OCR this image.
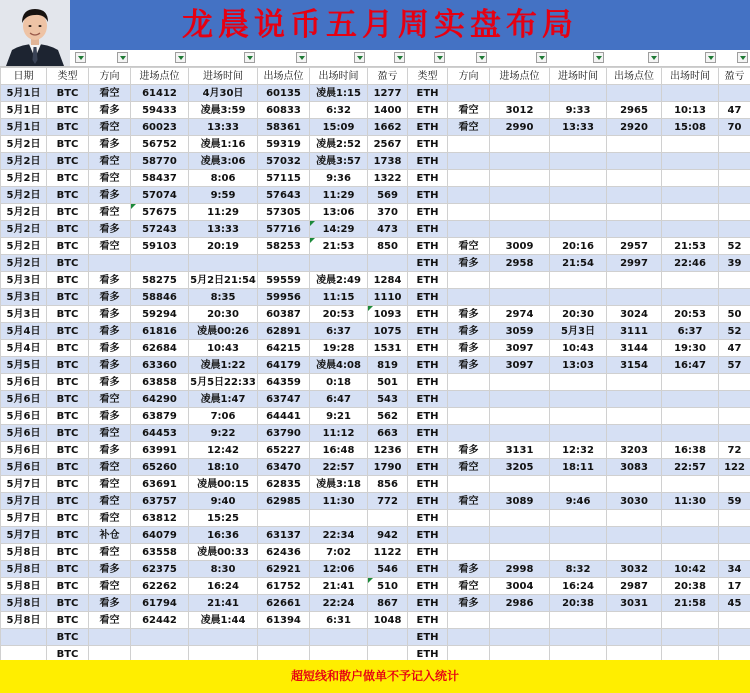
龙晨说币五月周实盘布局
日期	类型	方向	进场点位	进场时间	出场点位	出场时间	盈亏	类型	方向	进场点位	进场时间	出场点位	出场时间	盈亏
5月1日	BTC	看空	61412	4月30日	60135	凌晨1:15	1277	ETH						
5月1日	BTC	看多	59433	凌晨3:59	60833	6:32	1400	ETH	看空	3012	9:33	2965	10:13	47
5月1日	BTC	看空	60023	13:33	58361	15:09	1662	ETH	看空	2990	13:33	2920	15:08	70
5月2日	BTC	看多	56752	凌晨1:16	59319	凌晨2:52	2567	ETH						
5月2日	BTC	看空	58770	凌晨3:06	57032	凌晨3:57	1738	ETH						
5月2日	BTC	看空	58437	8:06	57115	9:36	1322	ETH						
5月2日	BTC	看多	57074	9:59	57643	11:29	569	ETH						
5月2日	BTC	看空	57675	11:29	57305	13:06	370	ETH						
5月2日	BTC	看多	57243	13:33	57716	14:29	473	ETH						
5月2日	BTC	看空	59103	20:19	58253	21:53	850	ETH	看空	3009	20:16	2957	21:53	52
5月2日	BTC							ETH	看多	2958	21:54	2997	22:46	39
5月3日	BTC	看多	58275	5月2日21:54	59559	凌晨2:49	1284	ETH						
5月3日	BTC	看多	58846	8:35	59956	11:15	1110	ETH						
5月3日	BTC	看多	59294	20:30	60387	20:53	1093	ETH	看多	2974	20:30	3024	20:53	50
5月4日	BTC	看多	61816	凌晨00:26	62891	6:37	1075	ETH	看多	3059	5月3日	3111	6:37	52
5月4日	BTC	看多	62684	10:43	64215	19:28	1531	ETH	看多	3097	10:43	3144	19:30	47
5月5日	BTC	看多	63360	凌晨1:22	64179	凌晨4:08	819	ETH	看多	3097	13:03	3154	16:47	57
5月6日	BTC	看多	63858	5月5日22:33	64359	0:18	501	ETH						
5月6日	BTC	看空	64290	凌晨1:47	63747	6:47	543	ETH						
5月6日	BTC	看多	63879	7:06	64441	9:21	562	ETH						
5月6日	BTC	看空	64453	9:22	63790	11:12	663	ETH						
5月6日	BTC	看多	63991	12:42	65227	16:48	1236	ETH	看多	3131	12:32	3203	16:38	72
5月6日	BTC	看空	65260	18:10	63470	22:57	1790	ETH	看空	3205	18:11	3083	22:57	122
5月7日	BTC	看空	63691	凌晨00:15	62835	凌晨3:18	856	ETH						
5月7日	BTC	看空	63757	9:40	62985	11:30	772	ETH	看空	3089	9:46	3030	11:30	59
5月7日	BTC	看空	63812	15:25				ETH						
5月7日	BTC	补仓	64079	16:36	63137	22:34	942	ETH						
5月8日	BTC	看空	63558	凌晨00:33	62436	7:02	1122	ETH						
5月8日	BTC	看多	62375	8:30	62921	12:06	546	ETH	看多	2998	8:32	3032	10:42	34
5月8日	BTC	看空	62262	16:24	61752	21:41	510	ETH	看空	3004	16:24	2987	20:38	17
5月8日	BTC	看多	61794	21:41	62661	22:24	867	ETH	看多	2986	20:38	3031	21:58	45
5月8日	BTC	看空	62442	凌晨1:44	61394	6:31	1048	ETH						
	BTC							ETH						
	BTC							ETH						
超短线和散户做单不予记入统计
